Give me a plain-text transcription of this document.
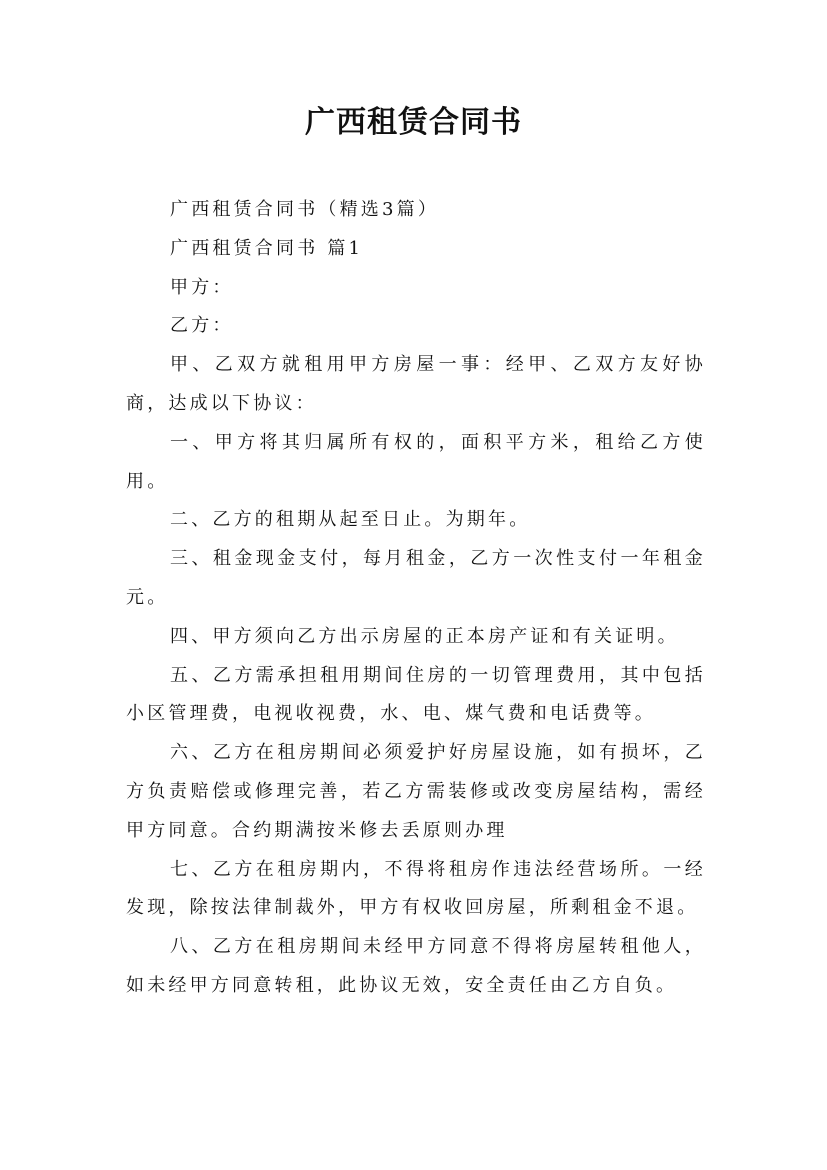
广西租赁合同书

广西租赁合同书（精选3篇）

广西租赁合同书 篇1

甲方：

乙方：

甲、乙双方就租用甲方房屋一事：经甲、乙双方友好协商，达成以下协议：

一、甲方将其归属所有权的，面积平方米，租给乙方使用。

二、乙方的租期从起至日止。为期年。

三、租金现金支付，每月租金，乙方一次性支付一年租金元。

四、甲方须向乙方出示房屋的正本房产证和有关证明。

五、乙方需承担租用期间住房的一切管理费用，其中包括小区管理费，电视收视费，水、电、煤气费和电话费等。

六、乙方在租房期间必须爱护好房屋设施，如有损坏，乙方负责赔偿或修理完善，若乙方需装修或改变房屋结构，需经甲方同意。合约期满按米修去丢原则办理

七、乙方在租房期内，不得将租房作违法经营场所。一经发现，除按法律制裁外，甲方有权收回房屋，所剩租金不退。

八、乙方在租房期间未经甲方同意不得将房屋转租他人，如未经甲方同意转租，此协议无效，安全责任由乙方自负。
